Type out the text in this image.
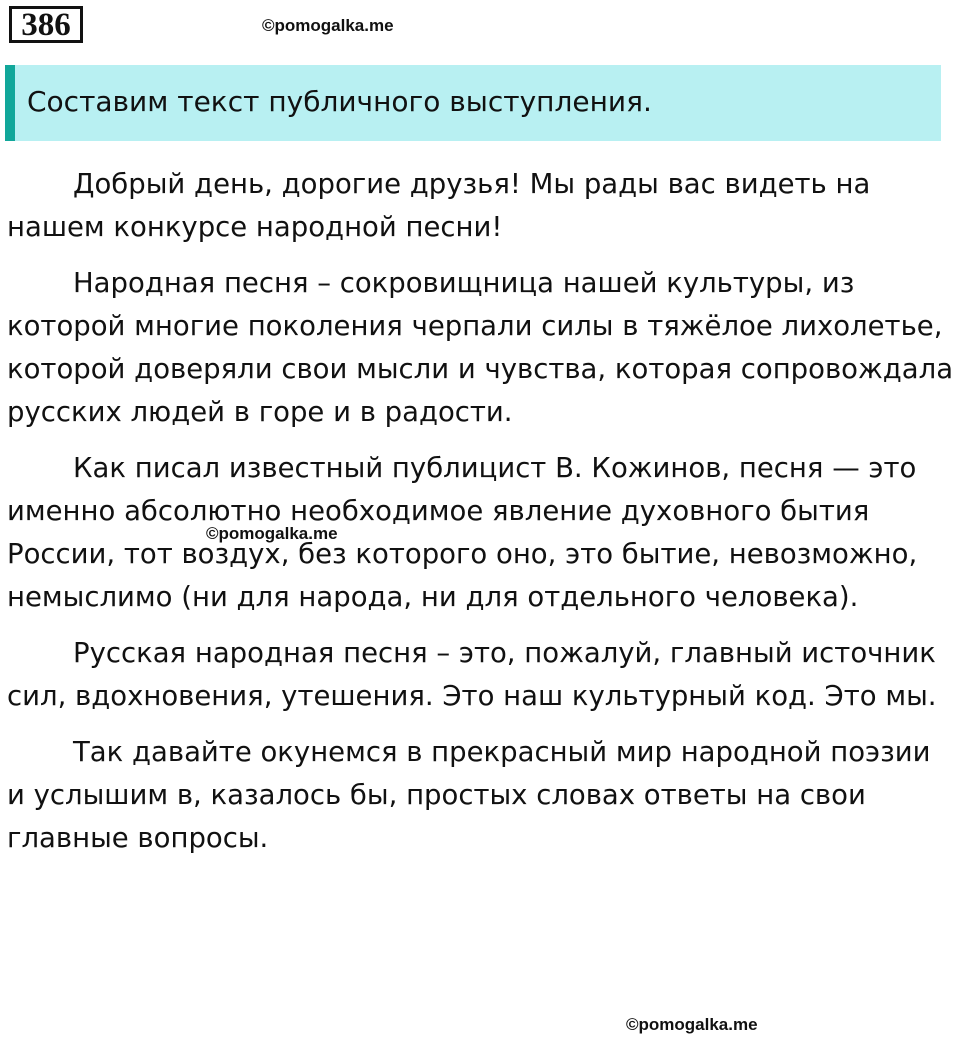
386	©pomogalka.me
Составим текст публичного выступления.

Добрый день, дорогие друзья! Мы рады вас видеть на нашем конкурсе народной песни!

Народная песня – сокровищница нашей культуры, из которой многие поколения черпали силы в тяжёлое лихолетье, которой доверяли свои мысли и чувства, которая сопровождала русских людей в горе и в радости.

Как писал известный публицист В. Кожинов, песня — это именно абсолютно необходимое явление духовного бытия России, тот воздух, без которого оно, это бытие, невозможно, немыслимо (ни для народа, ни для отдельного человека).

Русская народная песня – это, пожалуй, главный источник сил, вдохновения, утешения. Это наш культурный код. Это мы.

Так давайте окунемся в прекрасный мир народной поэзии и услышим в, казалось бы, простых словах ответы на свои главные вопросы.

©pomogalka.me
©pomogalka.me
